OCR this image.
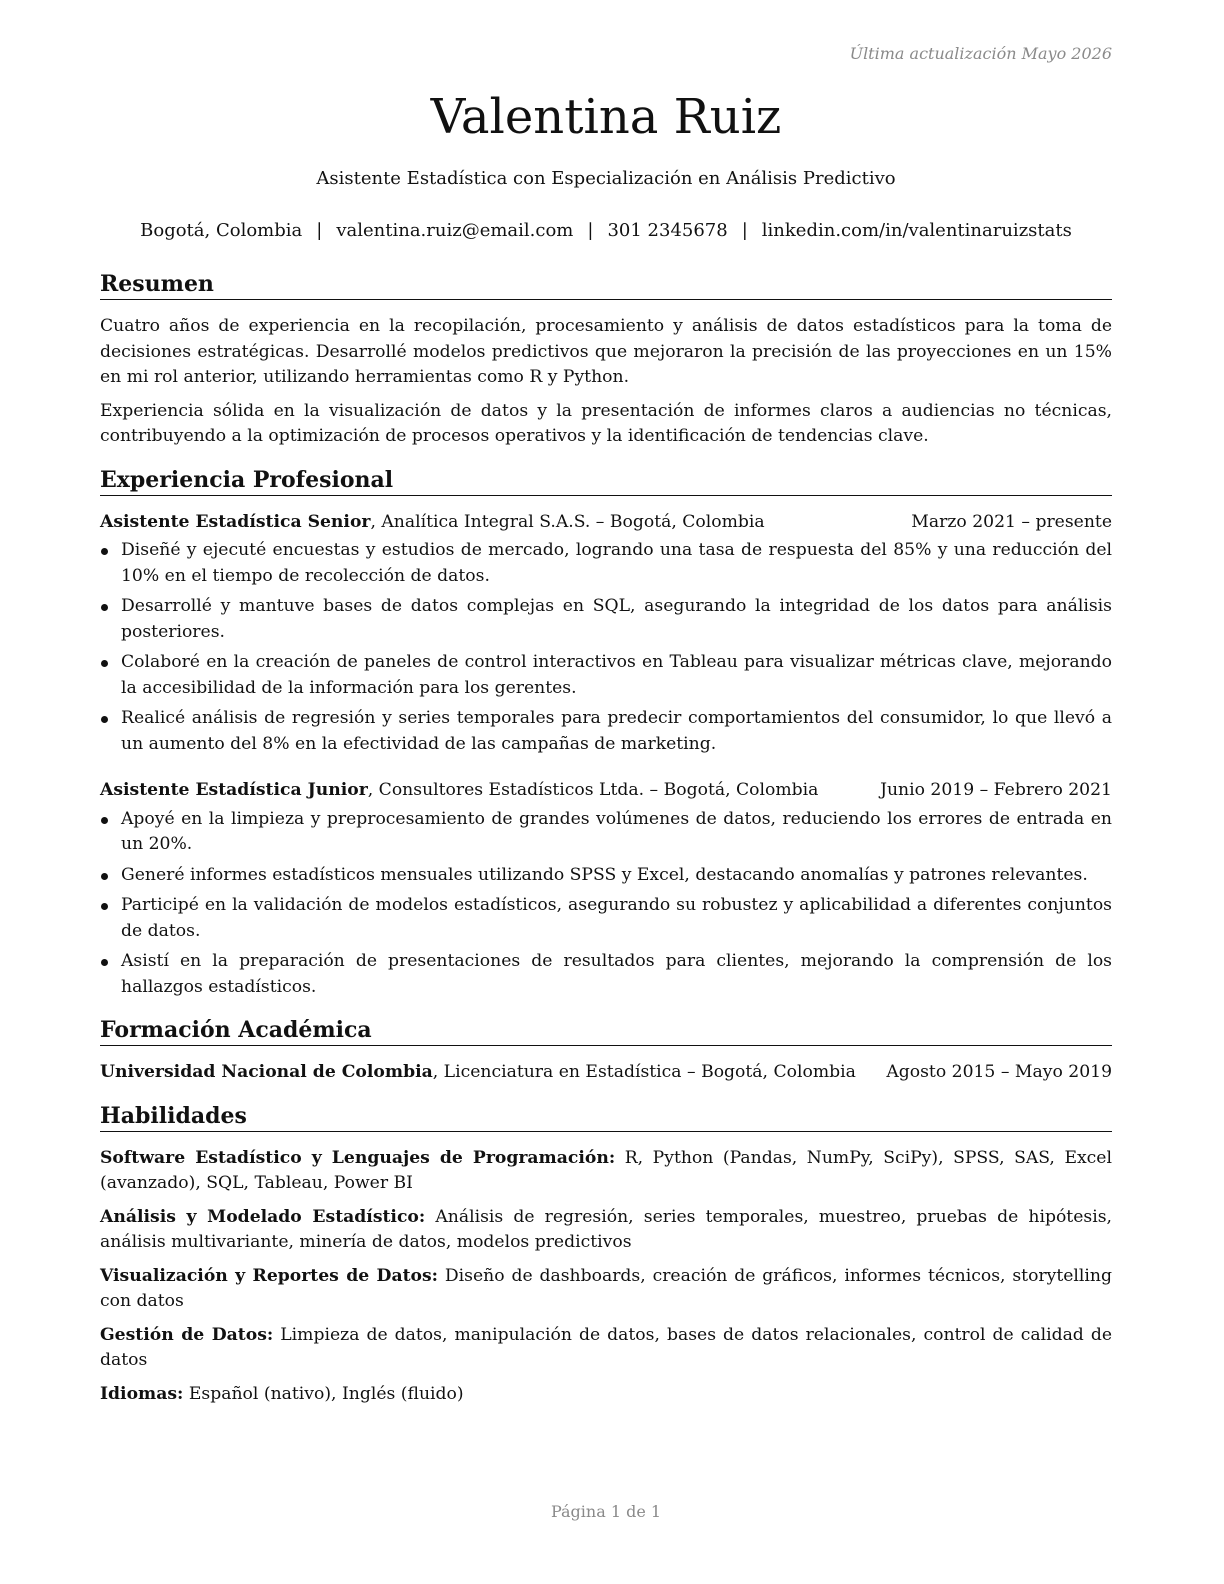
Última actualización Mayo 2026
Valentina Ruiz
Asistente Estadística con Especialización en Análisis Predictivo
Bogotá, Colombia | valentina.ruiz@email.com | 301 2345678 | linkedin.com/in/valentinaruizstats
Resumen

Cuatro años de experiencia en la recopilación, procesamiento y análisis de datos estadísticos para la toma de decisiones estratégicas. Desarrollé modelos predictivos que mejoraron la precisión de las proyecciones en un 15% en mi rol anterior, utilizando herramientas como R y Python.

Experiencia sólida en la visualización de datos y la presentación de informes claros a audiencias no técnicas, contribuyendo a la optimización de procesos operativos y la identificación de tendencias clave.

Experiencia Profesional
Asistente Estadística Senior, Analítica Integral S.A.S. – Bogotá, Colombia	Marzo 2021 – presente
Diseñé y ejecuté encuestas y estudios de mercado, logrando una tasa de respuesta del 85% y una reducción del 10% en el tiempo de recolección de datos.
Desarrollé y mantuve bases de datos complejas en SQL, asegurando la integridad de los datos para análisis posteriores.
Colaboré en la creación de paneles de control interactivos en Tableau para visualizar métricas clave, mejorando la accesibilidad de la información para los gerentes.
Realicé análisis de regresión y series temporales para predecir comportamientos del consumidor, lo que llevó a un aumento del 8% en la efectividad de las campañas de marketing.
Asistente Estadística Junior, Consultores Estadísticos Ltda. – Bogotá, Colombia	Junio 2019 – Febrero 2021
Apoyé en la limpieza y preprocesamiento de grandes volúmenes de datos, reduciendo los errores de entrada en un 20%.
Generé informes estadísticos mensuales utilizando SPSS y Excel, destacando anomalías y patrones relevantes.
Participé en la validación de modelos estadísticos, asegurando su robustez y aplicabilidad a diferentes conjuntos de datos.
Asistí en la preparación de presentaciones de resultados para clientes, mejorando la comprensión de los hallazgos estadísticos.
Formación Académica
Universidad Nacional de Colombia, Licenciatura en Estadística – Bogotá, Colombia Agosto 2015 – Mayo 2019
Habilidades
Software Estadístico y Lenguajes de Programación: R, Python (Pandas, NumPy, SciPy), SPSS, SAS, Excel (avanzado), SQL, Tableau, Power BI
Análisis y Modelado Estadístico: Análisis de regresión, series temporales, muestreo, pruebas de hipótesis, análisis multivariante, minería de datos, modelos predictivos
Visualización y Reportes de Datos: Diseño de dashboards, creación de gráficos, informes técnicos, storytelling con datos
Gestión de Datos: Limpieza de datos, manipulación de datos, bases de datos relacionales, control de calidad de datos
Idiomas: Español (nativo), Inglés (fluido)
Página 1 de 1
